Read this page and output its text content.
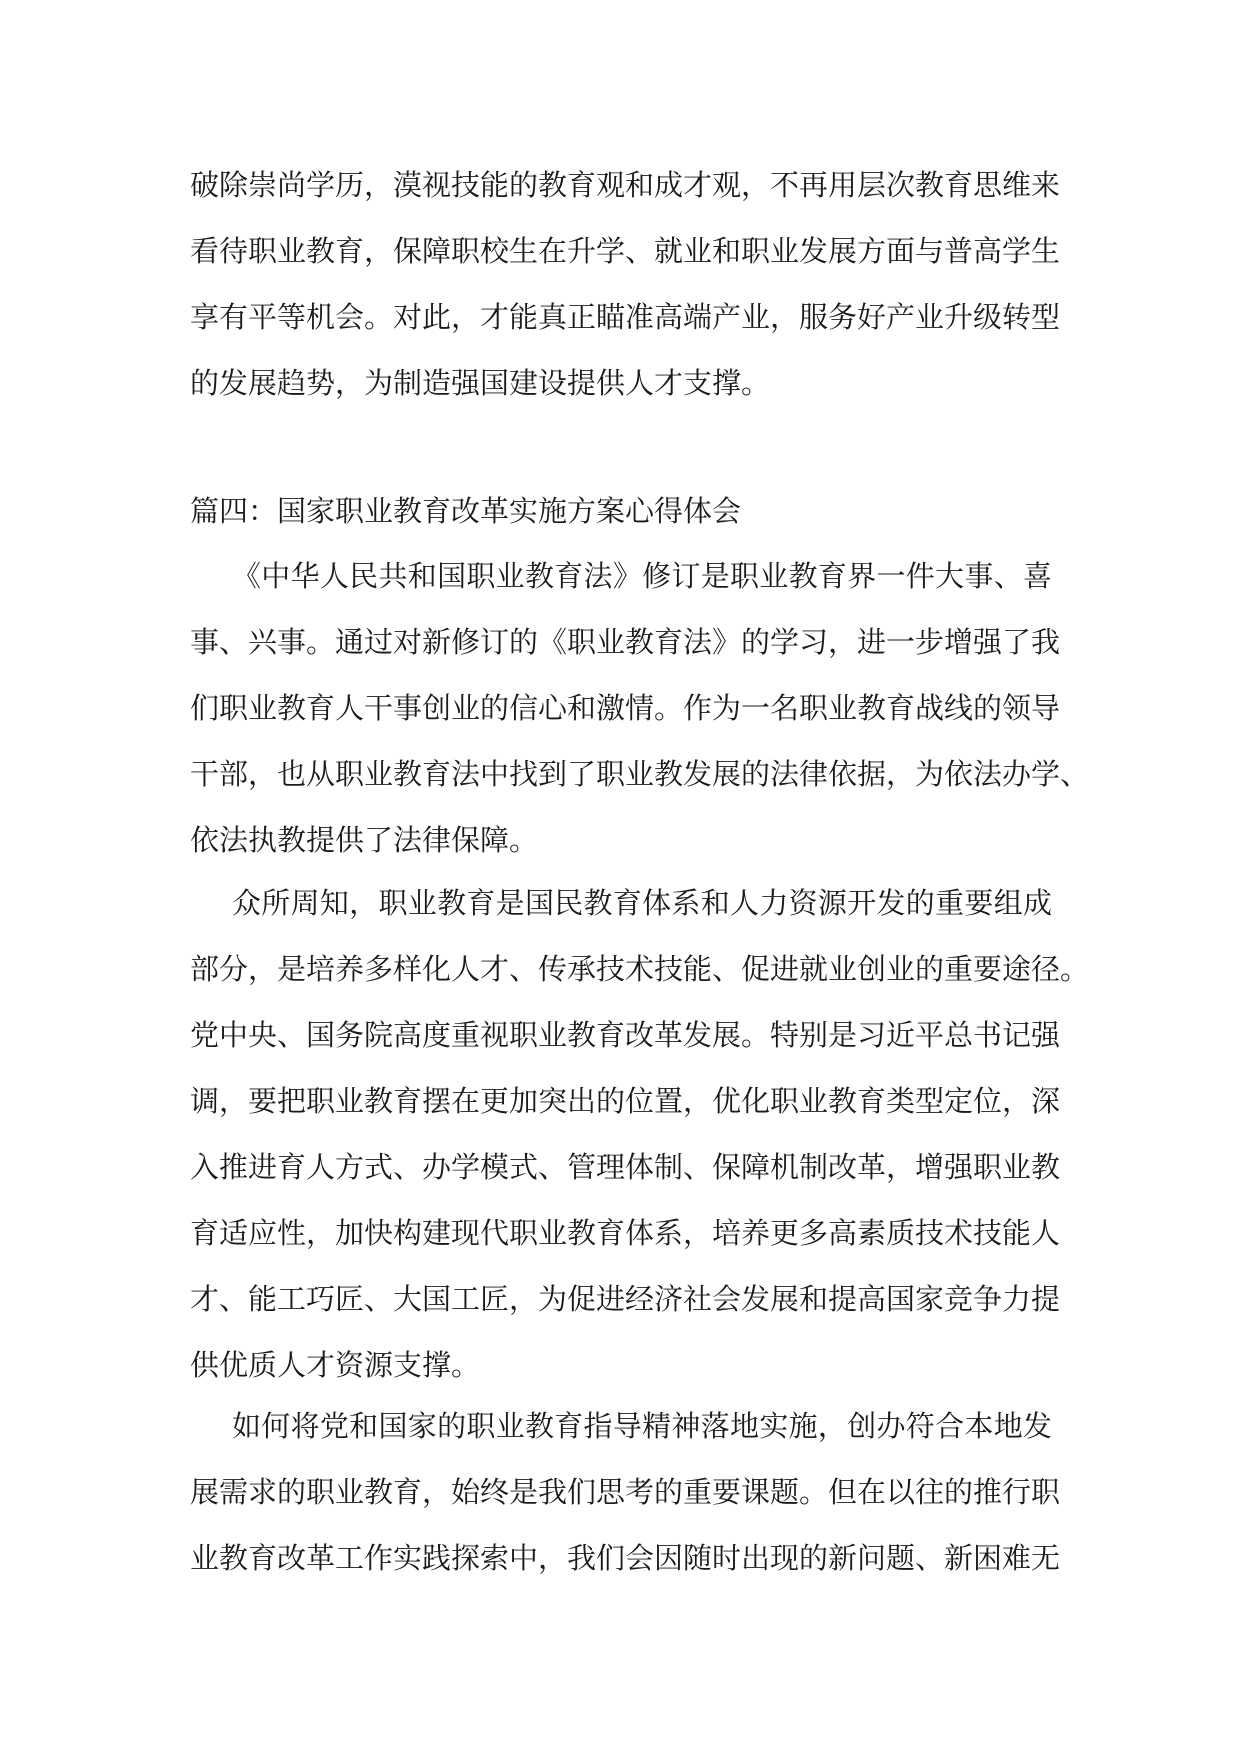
破除崇尚学历，漠视技能的教育观和成才观，不再用层次教育思维来
看待职业教育，保障职校生在升学、就业和职业发展方面与普高学生
享有平等机会。对此，才能真正瞄准高端产业，服务好产业升级转型
的发展趋势，为制造强国建设提供人才支撑。
篇四：国家职业教育改革实施方案心得体会
《中华人民共和国职业教育法》修订是职业教育界一件大事、喜
事、兴事。通过对新修订的《职业教育法》的学习，进一步增强了我
们职业教育人干事创业的信心和激情。作为一名职业教育战线的领导
干部，也从职业教育法中找到了职业教发展的法律依据，为依法办学、
依法执教提供了法律保障。
众所周知，职业教育是国民教育体系和人力资源开发的重要组成
部分，是培养多样化人才、传承技术技能、促进就业创业的重要途径。
党中央、国务院高度重视职业教育改革发展。特别是习近平总书记强
调，要把职业教育摆在更加突出的位置，优化职业教育类型定位，深
入推进育人方式、办学模式、管理体制、保障机制改革，增强职业教
育适应性，加快构建现代职业教育体系，培养更多高素质技术技能人
才、能工巧匠、大国工匠，为促进经济社会发展和提高国家竞争力提
供优质人才资源支撑。
如何将党和国家的职业教育指导精神落地实施，创办符合本地发
展需求的职业教育，始终是我们思考的重要课题。但在以往的推行职
业教育改革工作实践探索中，我们会因随时出现的新问题、新困难无
